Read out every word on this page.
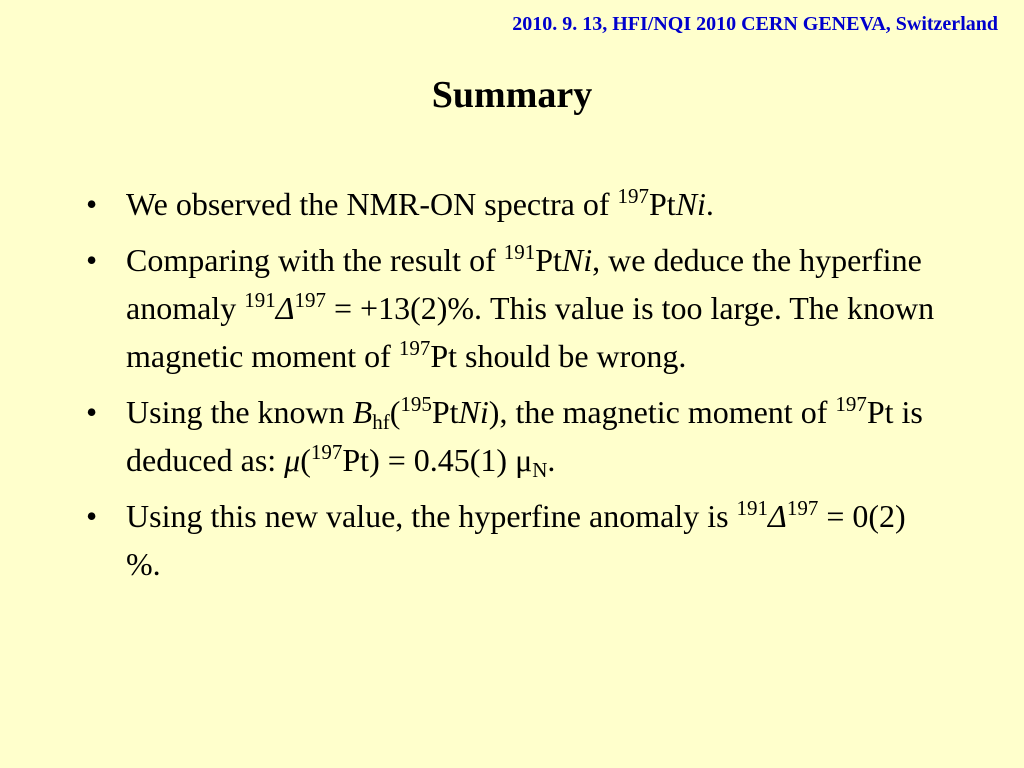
2010. 9. 13, HFI/NQI 2010 CERN GENEVA, Switzerland
Summary
• We observed the NMR-ON spectra of $^{197}$PtNi.
• Comparing with the result of $^{191}$PtNi, we deduce the hyperfine anomaly $^{191}\Delta^{197} = +13(2)\%$. This value is too large. The known magnetic moment of $^{197}$Pt should be wrong.
• Using the known $B_{hf}(^{195}PtNi)$, the magnetic moment of $^{197}$Pt is deduced as: μ($^{197}$Pt) = 0.45(1) $\mu_N$.
• Using this new value, the hyperfine anomaly is $^{191}\Delta^{197} = 0(2)$ %.
